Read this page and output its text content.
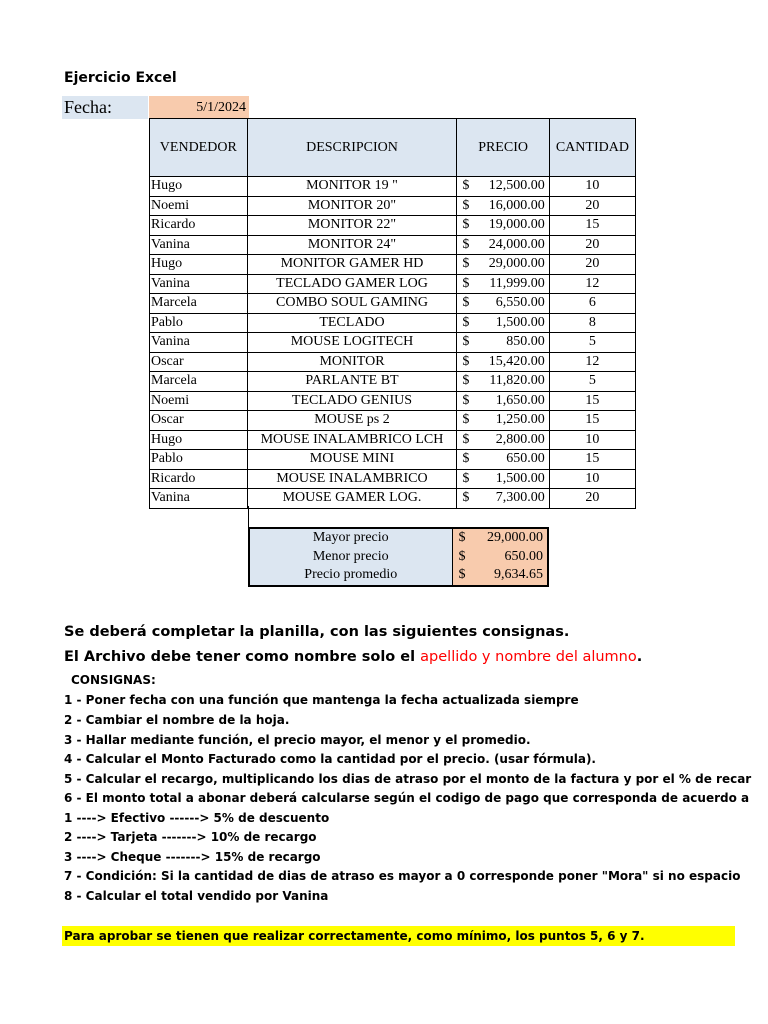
Ejercicio Excel
Fecha:	5/1/2024
VENDEDOR	DESCRIPCION	PRECIO	CANTIDAD
Hugo	MONITOR 19 "	$ 12,500.00	10
Noemi	MONITOR 20"	$ 16,000.00	20
Ricardo	MONITOR 22"	$ 19,000.00	15
Vanina	MONITOR 24"	$ 24,000.00	20
Hugo	MONITOR GAMER HD	$ 29,000.00	20
Vanina	TECLADO GAMER LOG	$ 11,999.00	12
Marcela	COMBO SOUL GAMING	$ 6,550.00	6
Pablo	TECLADO	$ 1,500.00	8
Vanina	MOUSE LOGITECH	$ 850.00	5
Oscar	MONITOR	$ 15,420.00	12
Marcela	PARLANTE BT	$ 11,820.00	5
Noemi	TECLADO GENIUS	$ 1,650.00	15
Oscar	MOUSE ps 2	$ 1,250.00	15
Hugo	MOUSE INALAMBRICO LCH	$ 2,800.00	10
Pablo	MOUSE MINI	$ 650.00	15
Ricardo	MOUSE INALAMBRICO	$ 1,500.00	10
Vanina	MOUSE GAMER LOG.	$ 7,300.00	20
Mayor precio	$ 29,000.00
Menor precio	$ 650.00
Precio promedio	$ 9,634.65
Se deberá completar la planilla, con las siguientes consignas.
El Archivo debe tener como nombre solo el apellido y nombre del alumno.
CONSIGNAS:
1 - Poner fecha con una función que mantenga la fecha actualizada siempre
2 - Cambiar el nombre de la hoja.
3 - Hallar mediante función, el precio mayor, el menor y el promedio.
4 - Calcular el Monto Facturado como la cantidad por el precio. (usar fórmula).
5 - Calcular el recargo, multiplicando los dias de atraso por el monto de la factura y por el % de recar
6 - El monto total a abonar deberá calcularse según el codigo de pago que corresponda de acuerdo a
1 ----> Efectivo ------> 5% de descuento
2 ----> Tarjeta -------> 10% de recargo
3 ----> Cheque -------> 15% de recargo
7 - Condición: Si la cantidad de dias de atraso es mayor a 0 corresponde poner "Mora" si no espacio
8 - Calcular el total vendido por Vanina
Para aprobar se tienen que realizar correctamente, como mínimo, los puntos 5, 6 y 7.
